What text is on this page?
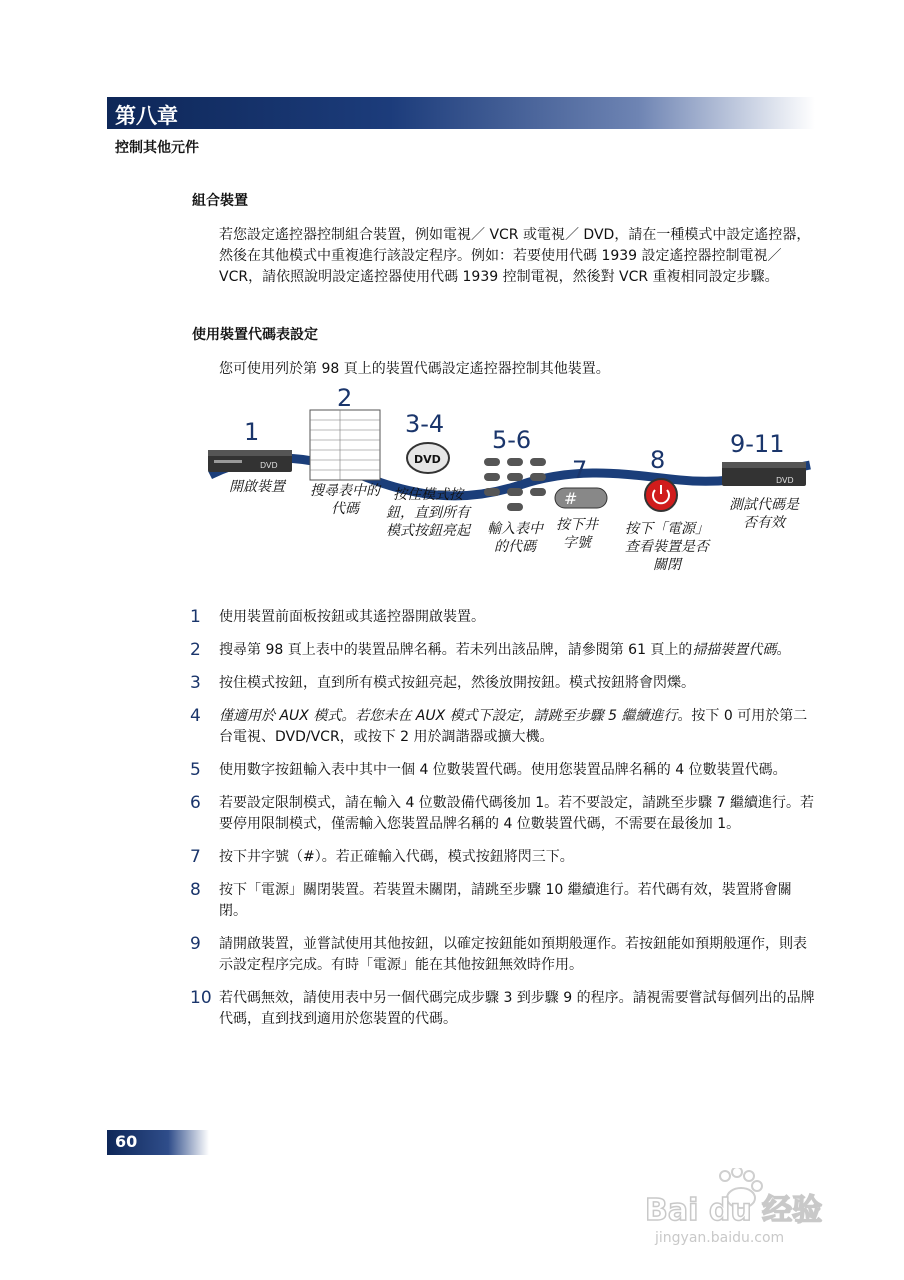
第八章
控制其他元件
組合裝置
若您設定遙控器控制組合裝置，例如電視／ VCR 或電視／ DVD，請在一種模式中設定遙控器，然後在其他模式中重複進行該設定程序。例如：若要使用代碼 1939 設定遙控器控制電視／ VCR，請依照說明設定遙控器使用代碼 1939 控制電視，然後對 VCR 重複相同設定步驟。
使用裝置代碼表設定
您可使用列於第 98 頁上的裝置代碼設定遙控器控制其他裝置。
DVD	DVD
#
DVD
1
2
3-4
5-6
7	8
9-11
開啟裝置	搜尋表中的代碼
按住模式按鈕，直到所有模式按鈕亮起 輸入表中的代碼
按下井字號
按下「電源」查看裝置是否關閉
測試代碼是否有效
1	使用裝置前面板按鈕或其遙控器開啟裝置。
2	搜尋第 98 頁上表中的裝置品牌名稱。若未列出該品牌，請參閱第 61 頁上的掃描裝置代碼。
3	按住模式按鈕，直到所有模式按鈕亮起，然後放開按鈕。模式按鈕將會閃爍。
4	僅適用於 AUX 模式。若您未在 AUX 模式下設定，請跳至步驟 5 繼續進行。按下 0 可用於第二台電視、DVD/VCR，或按下 2 用於調諧器或擴大機。
5	使用數字按鈕輸入表中其中一個 4 位數裝置代碼。使用您裝置品牌名稱的 4 位數裝置代碼。
6	若要設定限制模式，請在輸入 4 位數設備代碼後加 1。若不要設定，請跳至步驟 7 繼續進行。若要停用限制模式，僅需輸入您裝置品牌名稱的 4 位數裝置代碼，不需要在最後加 1。
7	按下井字號（#）。若正確輸入代碼，模式按鈕將閃三下。
8	按下「電源」關閉裝置。若裝置未關閉，請跳至步驟 10 繼續進行。若代碼有效，裝置將會關閉。
9	請開啟裝置，並嘗試使用其他按鈕，以確定按鈕能如預期般運作。若按鈕能如預期般運作，則表示設定程序完成。有時「電源」能在其他按鈕無效時作用。
10 若代碼無效，請使用表中另一個代碼完成步驟 3 到步驟 9 的程序。請視需要嘗試每個列出的品牌代碼，直到找到適用於您裝置的代碼。
60
Bai du 经验
jingyan.baidu.com
